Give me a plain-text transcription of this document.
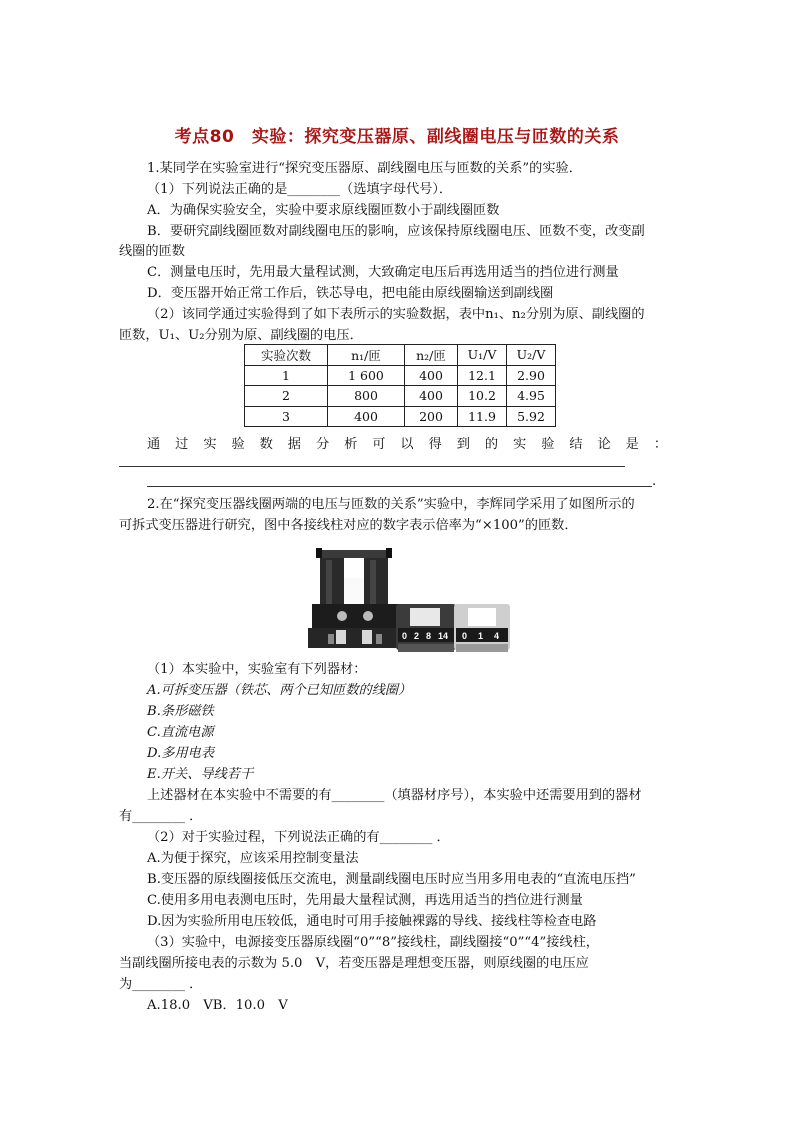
考点80　实验：探究变压器原、副线圈电压与匝数的关系
1.某同学在实验室进行“探究变压器原、副线圈电压与匝数的关系”的实验．
（1）下列说法正确的是________（选填字母代号）．
A．为确保实验安全，实验中要求原线圈匝数小于副线圈匝数
B．要研究副线圈匝数对副线圈电压的影响，应该保持原线圈电压、匝数不变，改变副
线圈的匝数
C．测量电压时，先用最大量程试测，大致确定电压后再选用适当的挡位进行测量
D．变压器开始正常工作后，铁芯导电，把电能由原线圈输送到副线圈
（2）该同学通过实验得到了如下表所示的实验数据，表中n₁、n₂分别为原、副线圈的
匝数，U₁、U₂分别为原、副线圈的电压．
实验次数	n₁/匝	n₂/匝	U₁/V	U₂/V
1	1 600	400	12.1	2.90
2	800	400	10.2	4.95
3	400	200	11.9	5.92
通 过 实 验 数 据 分 析 可 以 得 到 的 实 验 结 论 是 ：
.
2.在“探究变压器线圈两端的电压与匝数的关系”实验中，李辉同学采用了如图所示的
可拆式变压器进行研究，图中各接线柱对应的数字表示倍率为“×100”的匝数．
0 2 8 14 0 1 4
（1）本实验中，实验室有下列器材：
A.可拆变压器（铁芯、两个已知匝数的线圈）
B.条形磁铁
C.直流电源
D.多用电表
E.开关、导线若干
上述器材在本实验中不需要的有________（填器材序号），本实验中还需要用到的器材
有________ ．
（2）对于实验过程，下列说法正确的有________ ．
A.为便于探究，应该采用控制变量法
B.变压器的原线圈接低压交流电，测量副线圈电压时应当用多用电表的“直流电压挡”
C.使用多用电表测电压时，先用最大量程试测，再选用适当的挡位进行测量
D.因为实验所用电压较低，通电时可用手接触裸露的导线、接线柱等检查电路
（3）实验中，电源接变压器原线圈“0”“8”接线柱，副线圈接“0”“4”接线柱，
当副线圈所接电表的示数为 5.0　V，若变压器是理想变压器，则原线圈的电压应
为________ ．
A.18.0　VB．10.0　V
